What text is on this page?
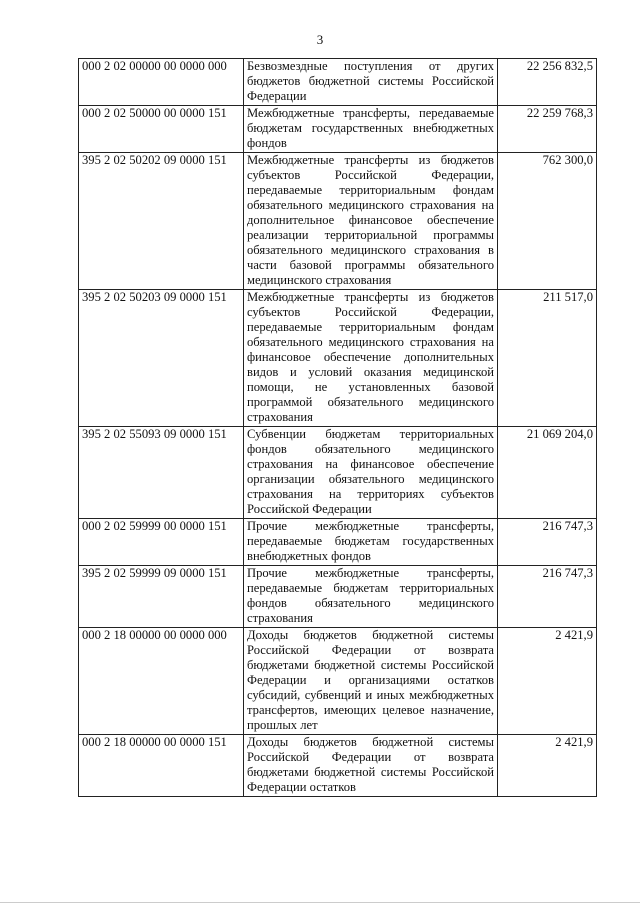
3
000 2 02 00000 00 0000 000	Безвозмездные поступления от других бюджетов бюджетной системы Российской Федерации	22 256 832,5
000 2 02 50000 00 0000 151	Межбюджетные трансферты, передаваемые бюджетам государственных внебюджетных фондов	22 259 768,3
395 2 02 50202 09 0000 151	Межбюджетные трансферты из бюджетов субъектов Российской Федерации, передаваемые территориальным фондам обязательного медицинского страхования на дополнительное финансовое обеспечение реализации территориальной программы обязательного медицинского страхования в части базовой программы обязательного медицинского страхования	762 300,0
395 2 02 50203 09 0000 151	Межбюджетные трансферты из бюджетов субъектов Российской Федерации, передаваемые территориальным фондам обязательного медицинского страхования на финансовое обеспечение дополнительных видов и условий оказания медицинской помощи, не установленных базовой программой обязательного медицинского страхования	211 517,0
395 2 02 55093 09 0000 151	Субвенции бюджетам территориальных фондов обязательного медицинского страхования на финансовое обеспечение организации обязательного медицинского страхования на территориях субъектов Российской Федерации	21 069 204,0
000 2 02 59999 00 0000 151	Прочие межбюджетные трансферты, передаваемые бюджетам государственных внебюджетных фондов	216 747,3
395 2 02 59999 09 0000 151	Прочие межбюджетные трансферты, передаваемые бюджетам территориальных фондов обязательного медицинского страхования	216 747,3
000 2 18 00000 00 0000 000	Доходы бюджетов бюджетной системы Российской Федерации от возврата бюджетами бюджетной системы Российской Федерации и организациями остатков субсидий, субвенций и иных межбюджетных трансфертов, имеющих целевое назначение, прошлых лет	2 421,9
000 2 18 00000 00 0000 151	Доходы бюджетов бюджетной системы Российской Федерации от возврата бюджетами бюджетной системы Российской Федерации остатков	2 421,9
